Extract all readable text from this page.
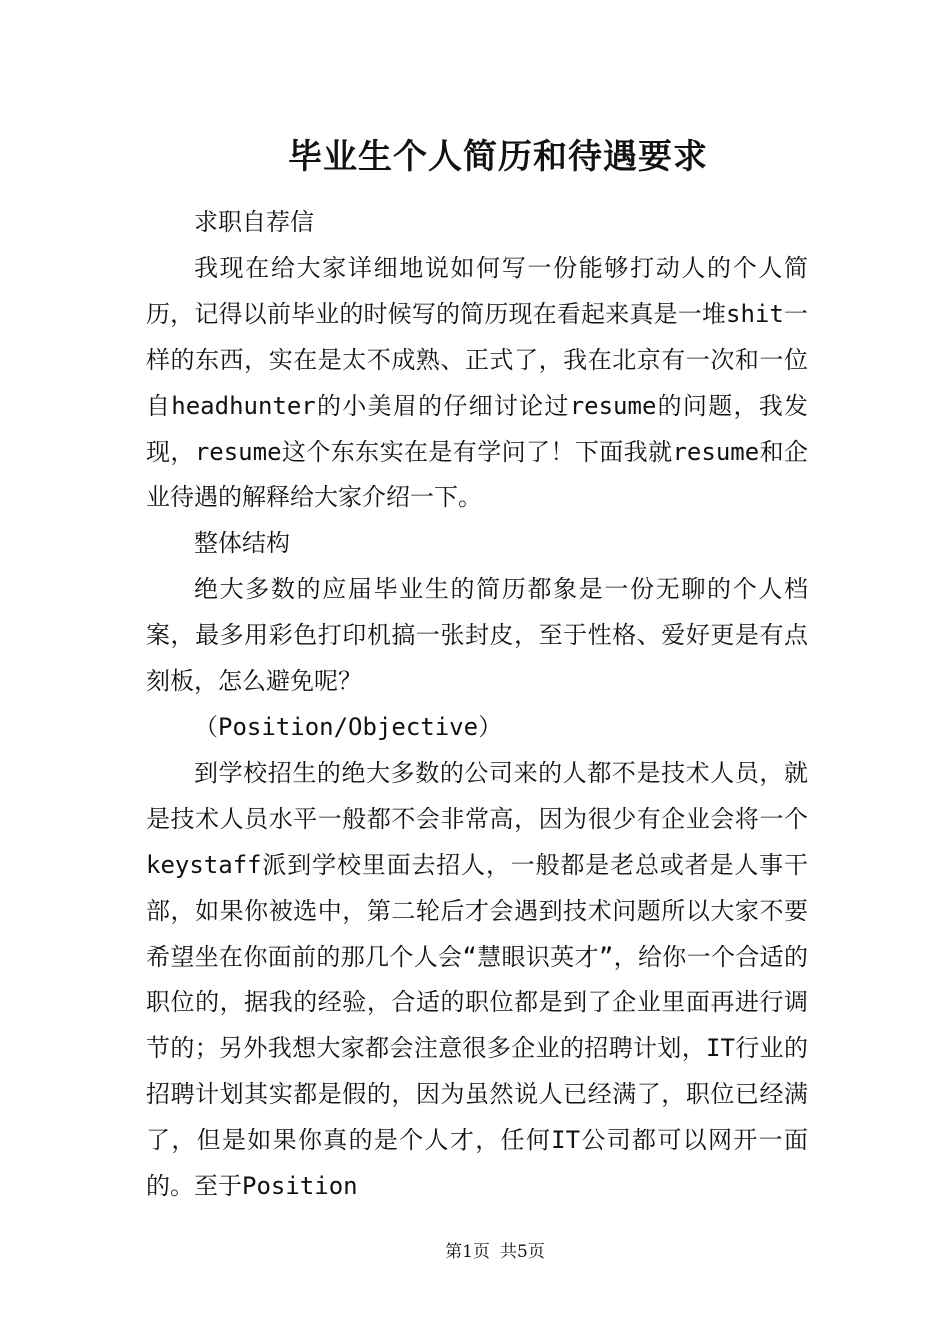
毕业生个人简历和待遇要求

求职自荐信

我现在给大家详细地说如何写一份能够打动人的个人简历，记得以前毕业的时候写的简历现在看起来真是一堆shit一样的东西，实在是太不成熟、正式了，我在北京有一次和一位自headhunter的小美眉的仔细讨论过resume的问题，我发现，resume这个东东实在是有学问了！下面我就resume和企业待遇的解释给大家介绍一下。

整体结构

绝大多数的应届毕业生的简历都象是一份无聊的个人档案，最多用彩色打印机搞一张封皮，至于性格、爱好更是有点刻板，怎么避免呢？

（Position/Objective）

到学校招生的绝大多数的公司来的人都不是技术人员，就是技术人员水平一般都不会非常高，因为很少有企业会将一个keystaff派到学校里面去招人，一般都是老总或者是人事干部，如果你被选中，第二轮后才会遇到技术问题所以大家不要希望坐在你面前的那几个人会“慧眼识英才”，给你一个合适的职位的，据我的经验，合适的职位都是到了企业里面再进行调节的；另外我想大家都会注意很多企业的招聘计划，IT行业的招聘计划其实都是假的，因为虽然说人已经满了，职位已经满了，但是如果你真的是个人才，任何IT公司都可以网开一面的。至于Position

第1页 共5页
